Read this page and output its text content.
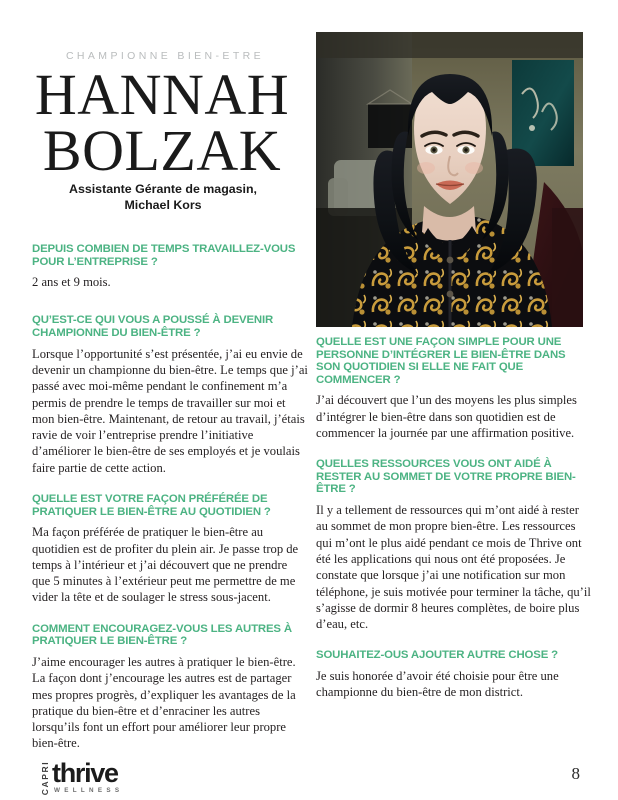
CHAMPIONNE BIEN-ETRE
HANNAH
BOLZAK
Assistante Gérante de magasin,
Michael Kors

DEPUIS COMBIEN DE TEMPS TRAVAILLEZ-VOUS POUR L’ENTREPRISE ?

2 ans et 9 mois.

QU’EST-CE QUI VOUS A POUSSÉ À DEVENIR CHAMPIONNE DU BIEN-ÊTRE ?

Lorsque l’opportunité s’est présentée, j’ai eu envie de devenir un championne du bien-être. Le temps que j’ai passé avec moi-même pendant le confinement m’a permis de prendre le temps de travailler sur moi et mon bien-être. Maintenant, de retour au travail, j’étais ravie de voir l’entreprise prendre l’initiative d’améliorer le bien-être de ses employés et je voulais faire partie de cette action.

QUELLE EST VOTRE FAÇON PRÉFÉRÉE DE PRATIQUER LE BIEN-ÊTRE AU QUOTIDIEN ?

Ma façon préférée de pratiquer le bien-être au quotidien est de profiter du plein air. Je passe trop de temps à l’intérieur et j’ai découvert que ne prendre que 5 minutes à l’extérieur peut me permettre de me vider la tête et de soulager le stress sous-jacent.

COMMENT ENCOURAGEZ-VOUS LES AUTRES À PRATIQUER LE BIEN-ÊTRE ?

J’aime encourager les autres à pratiquer le bien-être. La façon dont j’encourage les autres est de partager mes propres progrès, d’expliquer les avantages de la pratique du bien-être et d’enraciner les autres lorsqu’ils font un effort pour améliorer leur propre bien-être.

QUELLE EST UNE FAÇON SIMPLE POUR UNE PERSONNE D’INTÉGRER LE BIEN-ÊTRE DANS SON QUOTIDIEN SI ELLE NE FAIT QUE COMMENCER ?

J’ai découvert que l’un des moyens les plus simples d’intégrer le bien-être dans son quotidien est de commencer la journée par une affirmation positive.

QUELLES RESSOURCES VOUS ONT AIDÉ À RESTER AU SOMMET DE VOTRE PROPRE BIEN-ÊTRE ?

Il y a tellement de ressources qui m’ont aidé à rester au sommet de mon propre bien-être. Les ressources qui m’ont le plus aidé pendant ce mois de Thrive ont été les applications qui nous ont été proposées. Je constate que lorsque j’ai une notification sur mon téléphone, je suis motivée pour terminer la tâche, qu’il s’agisse de dormir 8 heures complètes, de boire plus d’eau, etc.

SOUHAITEZ-OUS AJOUTER AUTRE CHOSE ?

Je suis honorée d’avoir été choisie pour être une championne du bien-être de mon district.

CAPRI thrive
WELLNESS
8
